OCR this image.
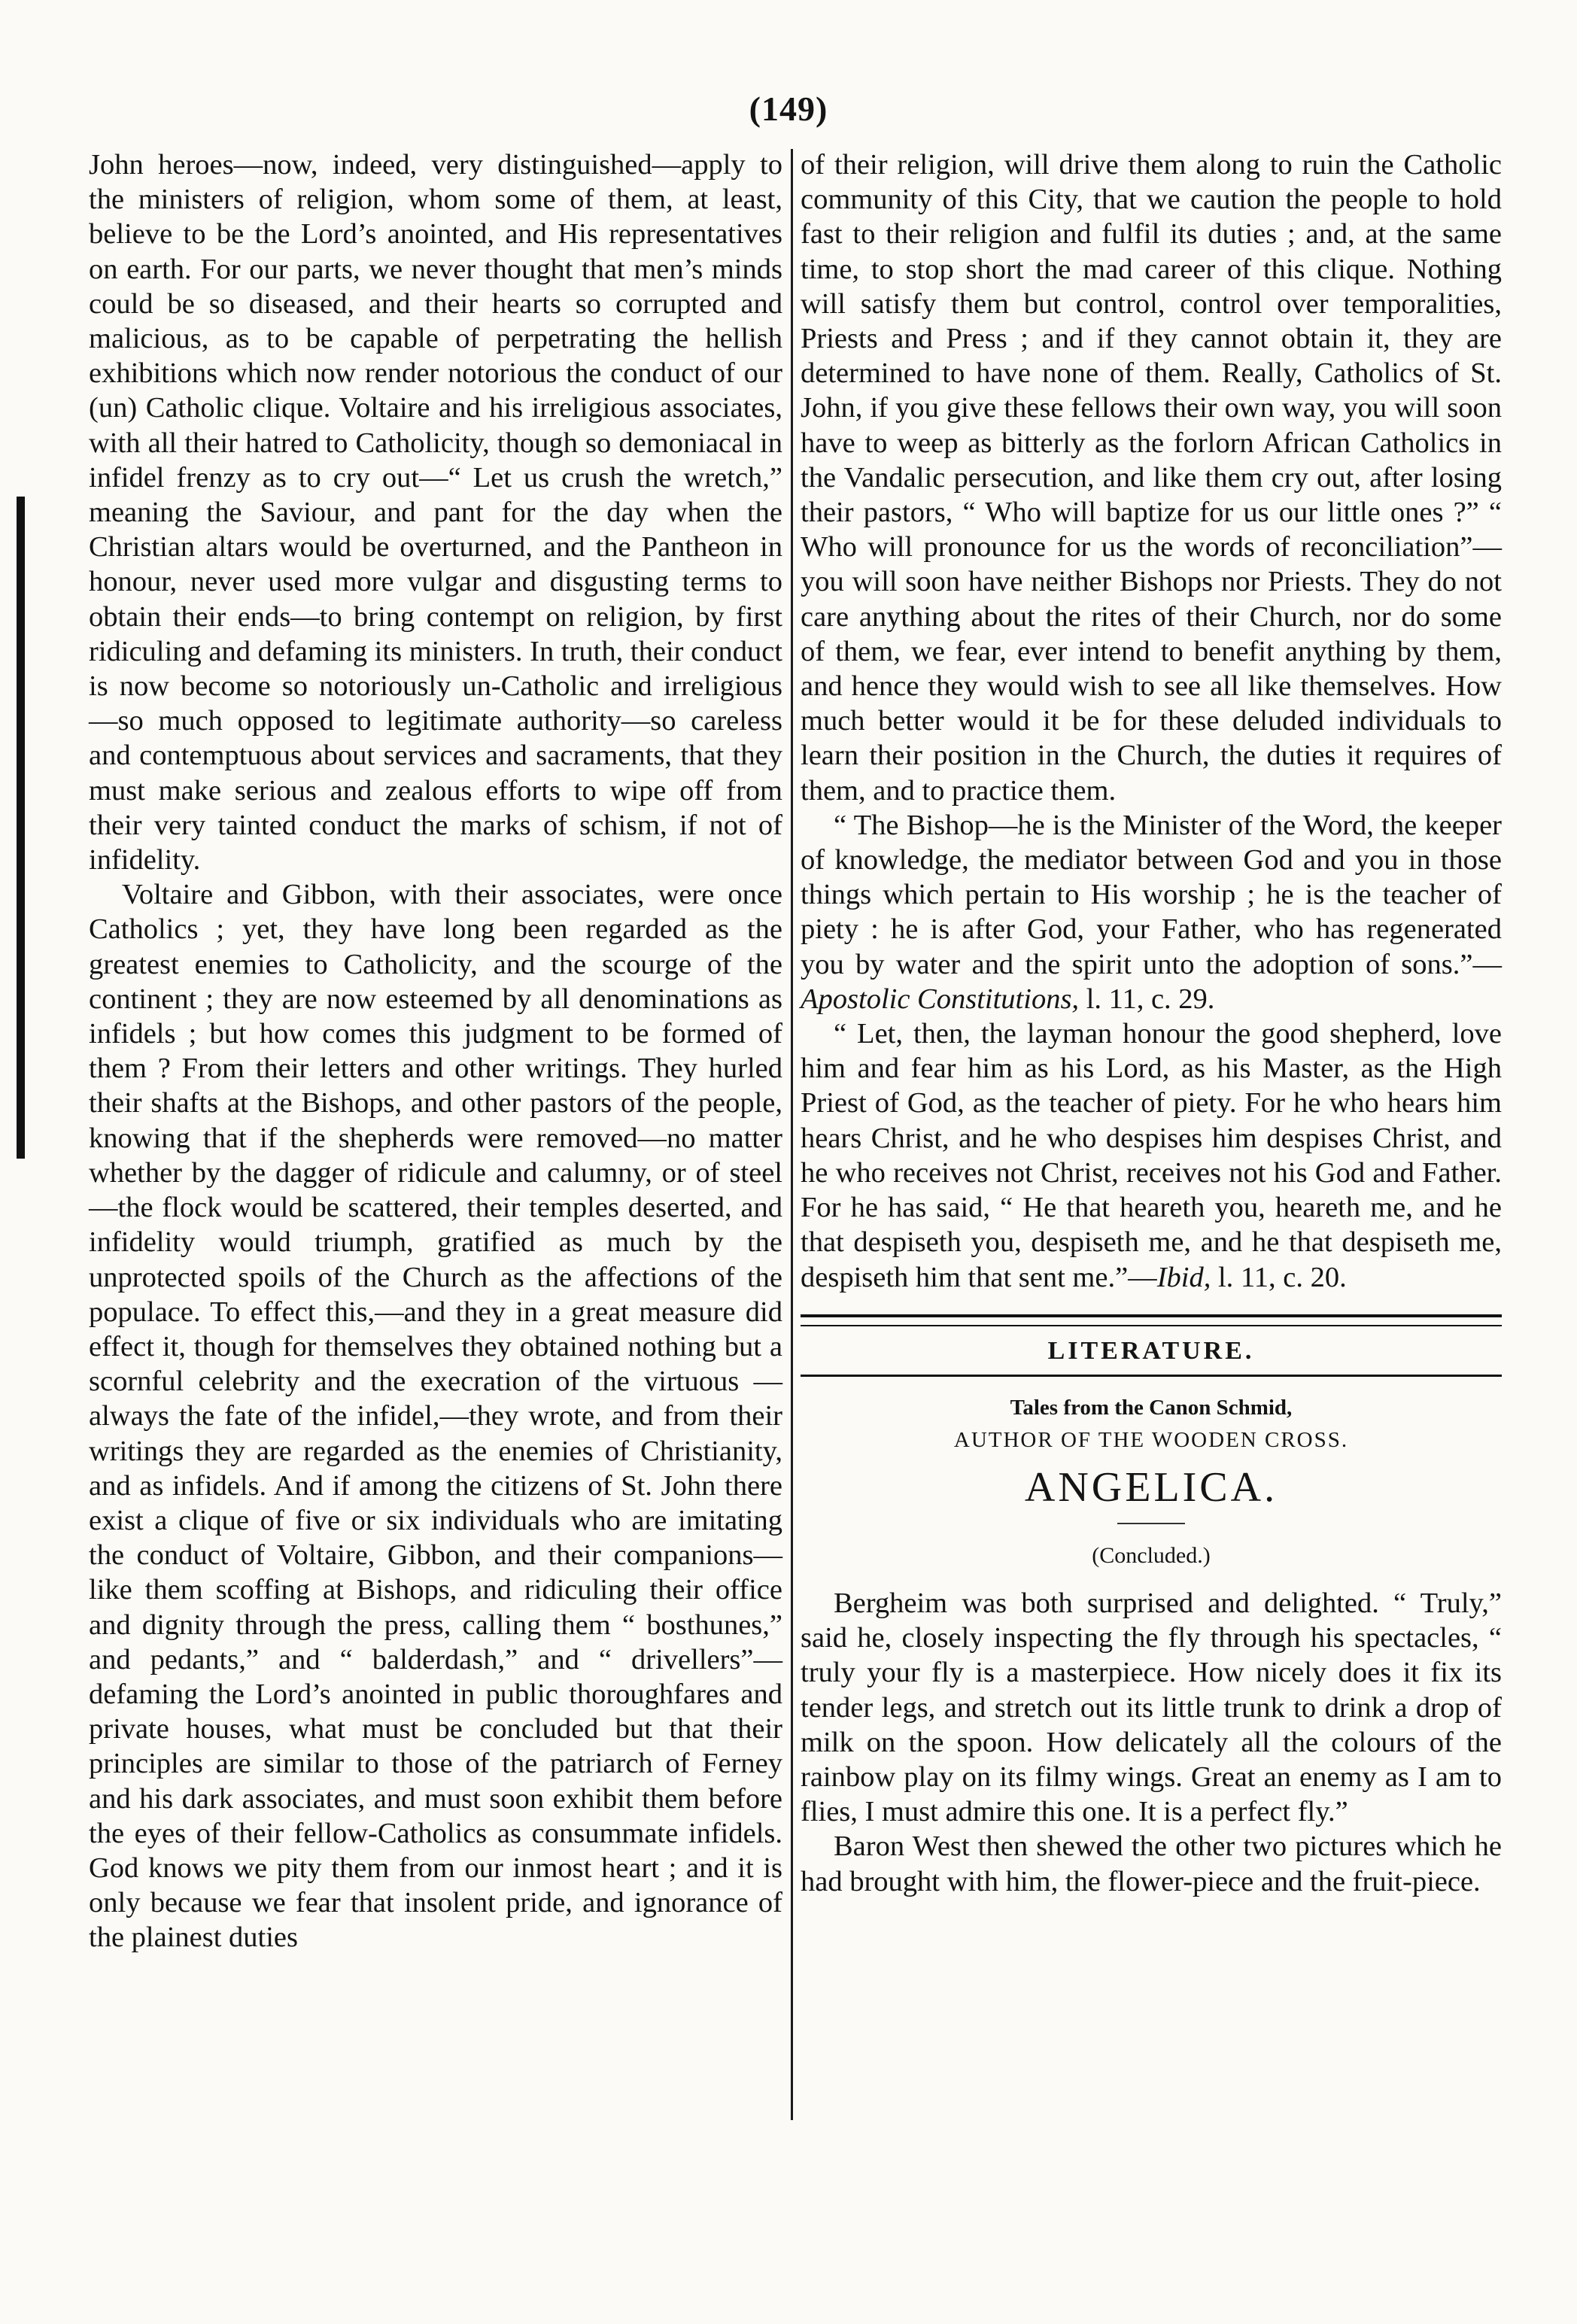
(149)

John heroes—now, indeed, very distinguished—apply to the ministers of religion, whom some of them, at least, believe to be the Lord’s anointed, and His representatives on earth. For our parts, we never thought that men’s minds could be so diseased, and their hearts so corrupted and malicious, as to be capable of perpetrating the hellish exhibitions which now render notorious the conduct of our (un) Catholic clique. Voltaire and his irreligious associates, with all their hatred to Catholicity, though so demoniacal in infidel frenzy as to cry out—“ Let us crush the wretch,” meaning the Saviour, and pant for the day when the Christian altars would be overturned, and the Pantheon in honour, never used more vulgar and disgusting terms to obtain their ends—to bring contempt on religion, by first ridiculing and defaming its ministers. In truth, their conduct is now become so notoriously un-Catholic and irreligious—so much opposed to legitimate authority—so careless and contemptuous about services and sacraments, that they must make serious and zealous efforts to wipe off from their very tainted conduct the marks of schism, if not of infidelity.

Voltaire and Gibbon, with their associates, were once Catholics ; yet, they have long been regarded as the greatest enemies to Catholicity, and the scourge of the continent ; they are now esteemed by all denominations as infidels ; but how comes this judgment to be formed of them ? From their letters and other writings. They hurled their shafts at the Bishops, and other pastors of the people, knowing that if the shepherds were removed—no matter whether by the dagger of ridicule and calumny, or of steel—the flock would be scattered, their temples deserted, and infidelity would triumph, gratified as much by the unprotected spoils of the Church as the affections of the populace. To effect this,—and they in a great measure did effect it, though for themselves they obtained nothing but a scornful celebrity and the execration of the virtuous —always the fate of the infidel,—they wrote, and from their writings they are regarded as the enemies of Christianity, and as infidels. And if among the citizens of St. John there exist a clique of five or six individuals who are imitating the conduct of Voltaire, Gibbon, and their companions—like them scoffing at Bishops, and ridiculing their office and dignity through the press, calling them “ bosthunes,” and pedants,” and “ balderdash,” and “ drivellers”—defaming the Lord’s anointed in public thoroughfares and private houses, what must be concluded but that their principles are similar to those of the patriarch of Ferney and his dark associates, and must soon exhibit them before the eyes of their fellow-Catholics as consummate infidels. God knows we pity them from our inmost heart ; and it is only because we fear that insolent pride, and ignorance of the plainest duties

of their religion, will drive them along to ruin the Catholic community of this City, that we caution the people to hold fast to their religion and fulfil its duties ; and, at the same time, to stop short the mad career of this clique. Nothing will satisfy them but control, control over temporalities, Priests and Press ; and if they cannot obtain it, they are determined to have none of them. Really, Catholics of St. John, if you give these fellows their own way, you will soon have to weep as bitterly as the forlorn African Catholics in the Vandalic persecution, and like them cry out, after losing their pastors, “ Who will baptize for us our little ones ?” “ Who will pronounce for us the words of reconciliation”—you will soon have neither Bishops nor Priests. They do not care anything about the rites of their Church, nor do some of them, we fear, ever intend to benefit anything by them, and hence they would wish to see all like themselves. How much better would it be for these deluded individuals to learn their position in the Church, the duties it requires of them, and to practice them.

“ The Bishop—he is the Minister of the Word, the keeper of knowledge, the mediator between God and you in those things which pertain to His worship ; he is the teacher of piety : he is after God, your Father, who has regenerated you by water and the spirit unto the adoption of sons.”—Apostolic Constitutions, l. 11, c. 29.

“ Let, then, the layman honour the good shepherd, love him and fear him as his Lord, as his Master, as the High Priest of God, as the teacher of piety. For he who hears him hears Christ, and he who despises him despises Christ, and he who receives not Christ, receives not his God and Father. For he has said, “ He that heareth you, heareth me, and he that despiseth you, despiseth me, and he that despiseth me, despiseth him that sent me.”—Ibid, l. 11, c. 20.

LITERATURE.
Tales from the Canon Schmid,
AUTHOR OF THE WOODEN CROSS.
ANGELICA.
(Concluded.)

Bergheim was both surprised and delighted. “ Truly,” said he, closely inspecting the fly through his spectacles, “ truly your fly is a masterpiece. How nicely does it fix its tender legs, and stretch out its little trunk to drink a drop of milk on the spoon. How delicately all the colours of the rainbow play on its filmy wings. Great an enemy as I am to flies, I must admire this one. It is a perfect fly.”

Baron West then shewed the other two pictures which he had brought with him, the flower-piece and the fruit-piece.
